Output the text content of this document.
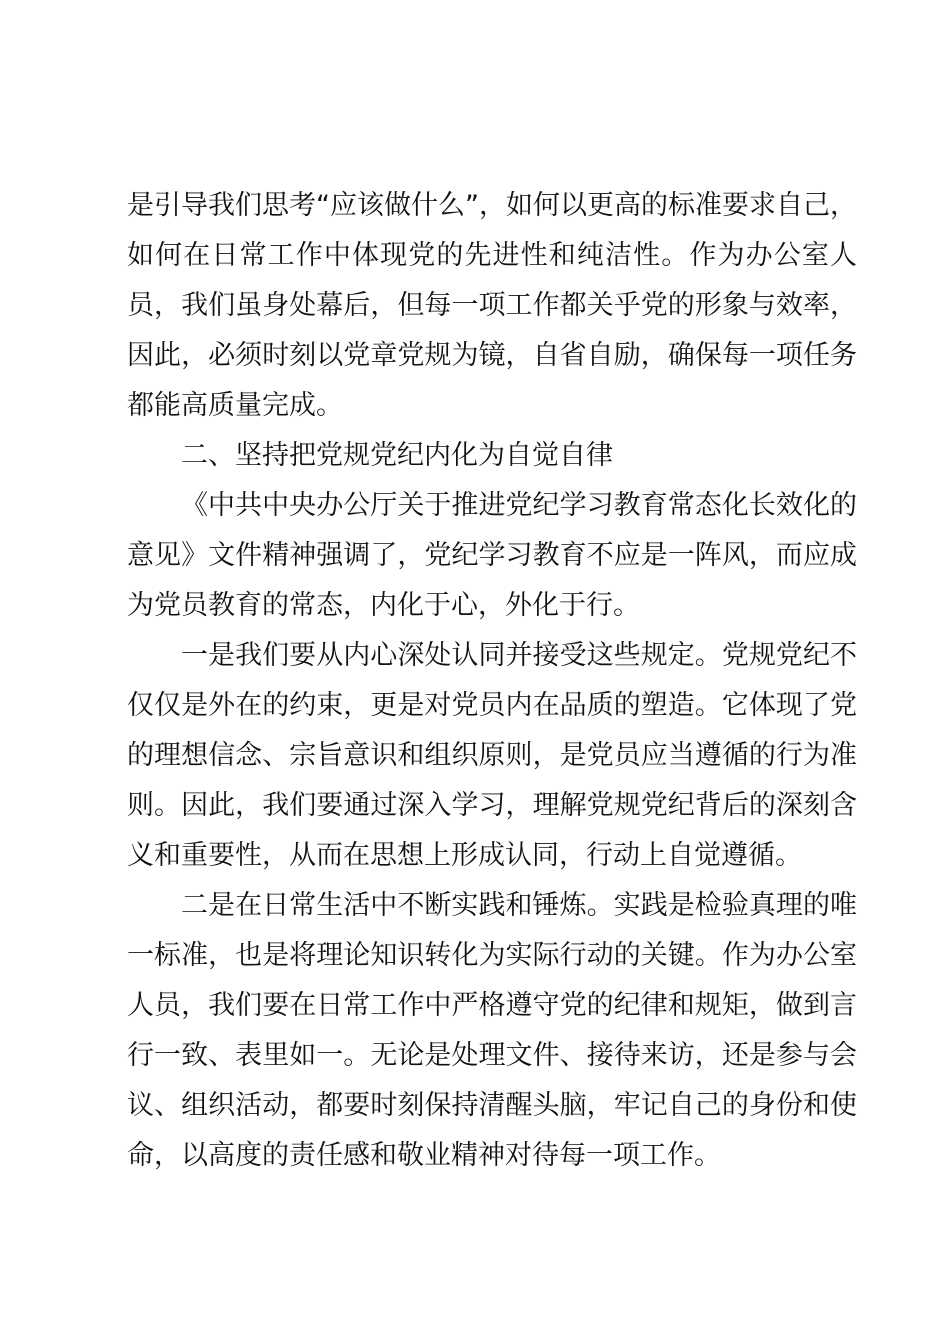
是引导我们思考“应该做什么”，如何以更高的标准要求自己，如何在日常工作中体现党的先进性和纯洁性。作为办公室人员，我们虽身处幕后，但每一项工作都关乎党的形象与效率，因此，必须时刻以党章党规为镜，自省自励，确保每一项任务都能高质量完成。

二、坚持把党规党纪内化为自觉自律

《中共中央办公厅关于推进党纪学习教育常态化长效化的意见》文件精神强调了，党纪学习教育不应是一阵风，而应成为党员教育的常态，内化于心，外化于行。

一是我们要从内心深处认同并接受这些规定。党规党纪不仅仅是外在的约束，更是对党员内在品质的塑造。它体现了党的理想信念、宗旨意识和组织原则，是党员应当遵循的行为准则。因此，我们要通过深入学习，理解党规党纪背后的深刻含义和重要性，从而在思想上形成认同，行动上自觉遵循。

二是在日常生活中不断实践和锤炼。实践是检验真理的唯一标准，也是将理论知识转化为实际行动的关键。作为办公室人员，我们要在日常工作中严格遵守党的纪律和规矩，做到言行一致、表里如一。无论是处理文件、接待来访，还是参与会议、组织活动，都要时刻保持清醒头脑，牢记自己的身份和使命，以高度的责任感和敬业精神对待每一项工作。
